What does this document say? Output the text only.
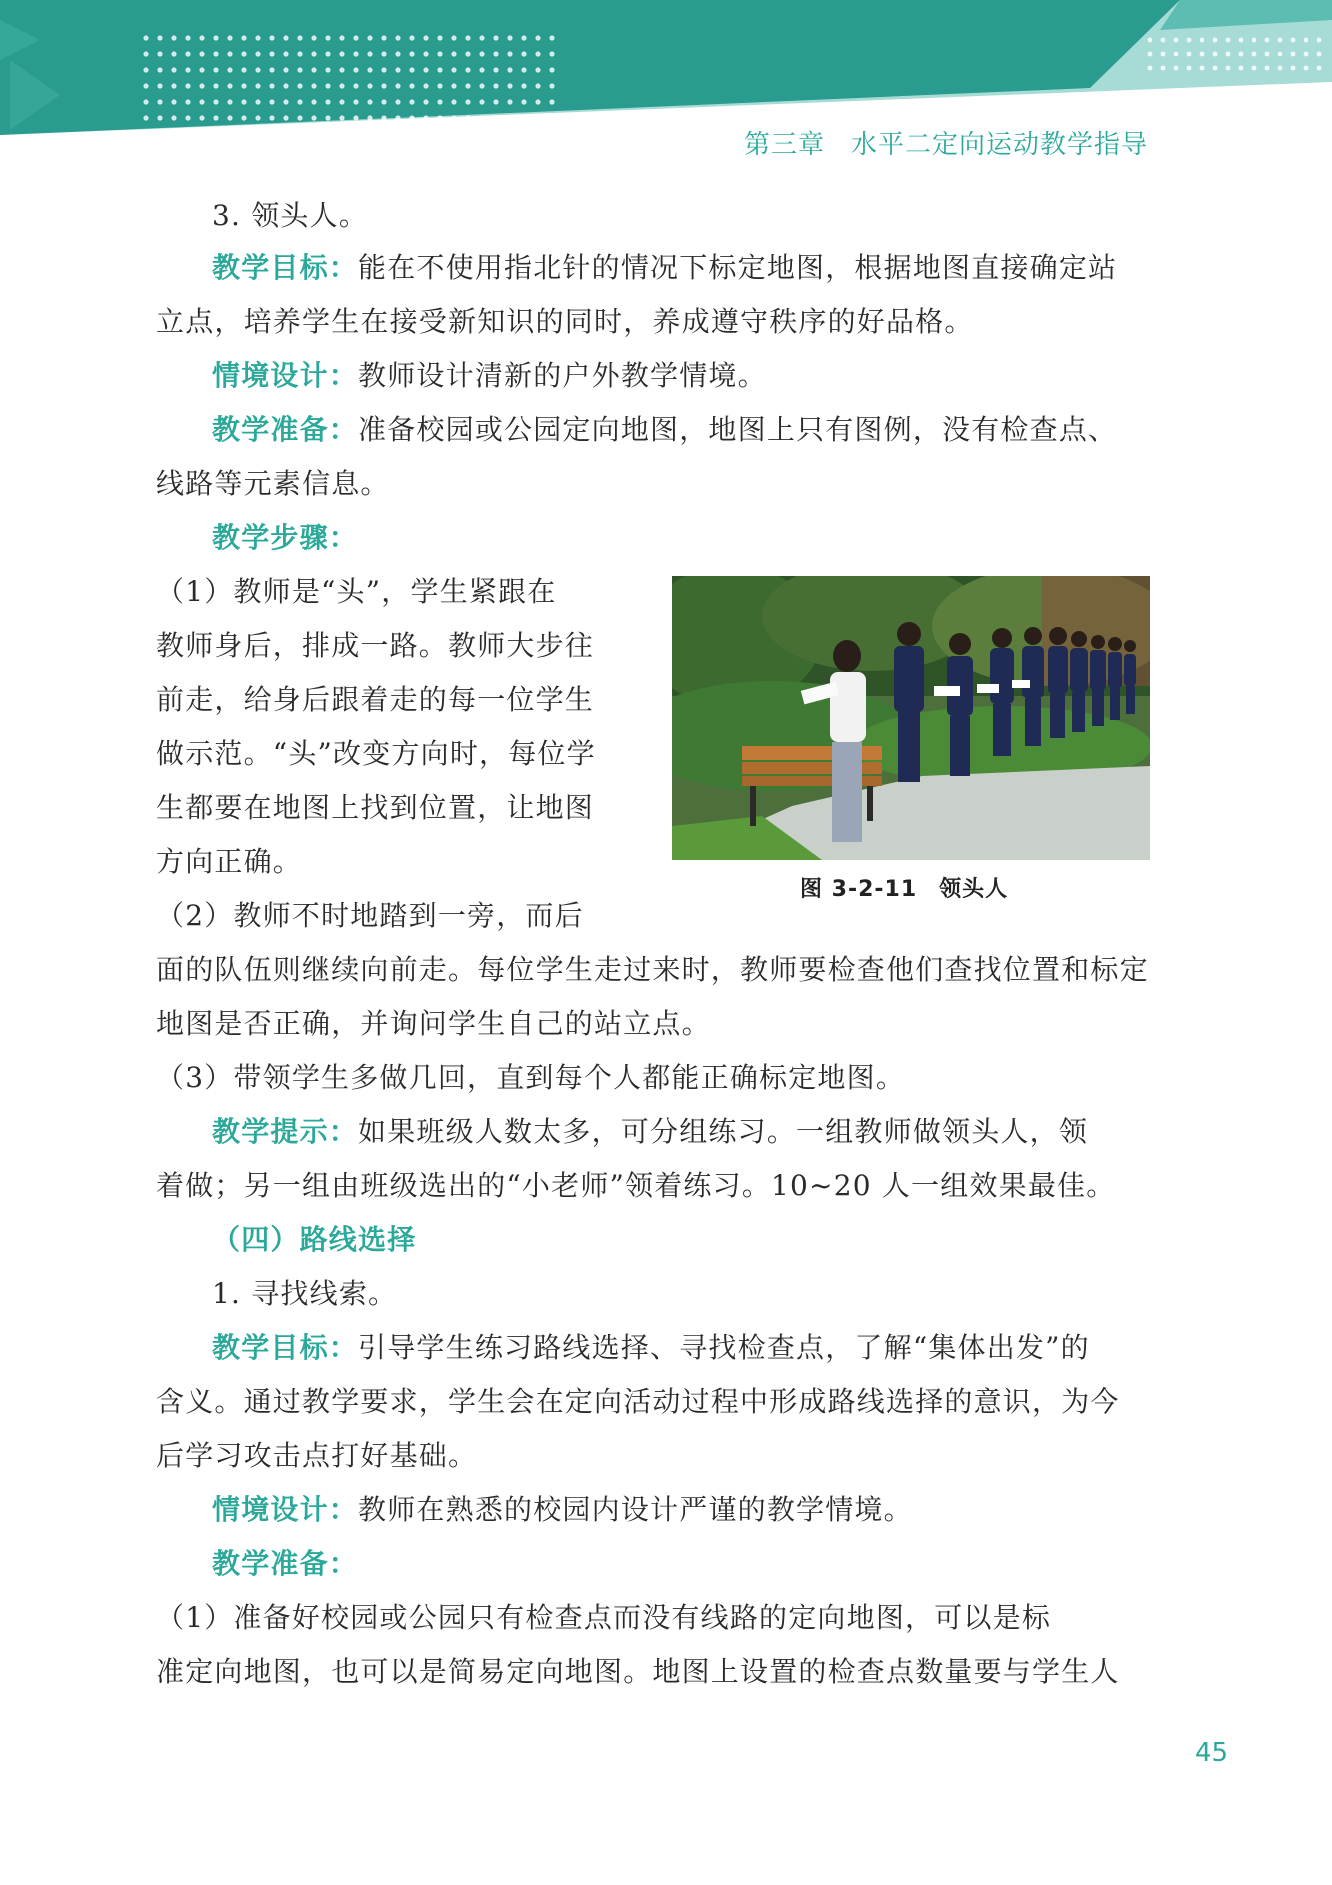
第三章 水平二定向运动教学指导
3. 领头人。
教学目标：能在不使用指北针的情况下标定地图，根据地图直接确定站
立点，培养学生在接受新知识的同时，养成遵守秩序的好品格。
情境设计：教师设计清新的户外教学情境。
教学准备：准备校园或公园定向地图，地图上只有图例，没有检查点、
线路等元素信息。
教学步骤：
（1）教师是“头”，学生紧跟在
教师身后，排成一路。教师大步往
前走，给身后跟着走的每一位学生
做示范。“头”改变方向时，每位学
生都要在地图上找到位置，让地图
方向正确。
（2）教师不时地踏到一旁，而后
面的队伍则继续向前走。每位学生走过来时，教师要检查他们查找位置和标定
地图是否正确，并询问学生自己的站立点。
（3）带领学生多做几回，直到每个人都能正确标定地图。
教学提示：如果班级人数太多，可分组练习。一组教师做领头人，领
着做；另一组由班级选出的“小老师”领着练习。10~20 人一组效果最佳。
（四）路线选择
1. 寻找线索。
教学目标：引导学生练习路线选择、寻找检查点，了解“集体出发”的
含义。通过教学要求，学生会在定向活动过程中形成路线选择的意识，为今
后学习攻击点打好基础。
情境设计：教师在熟悉的校园内设计严谨的教学情境。
教学准备：
（1）准备好校园或公园只有检查点而没有线路的定向地图，可以是标
准定向地图，也可以是简易定向地图。地图上设置的检查点数量要与学生人
图 3-2-11 领头人
45
